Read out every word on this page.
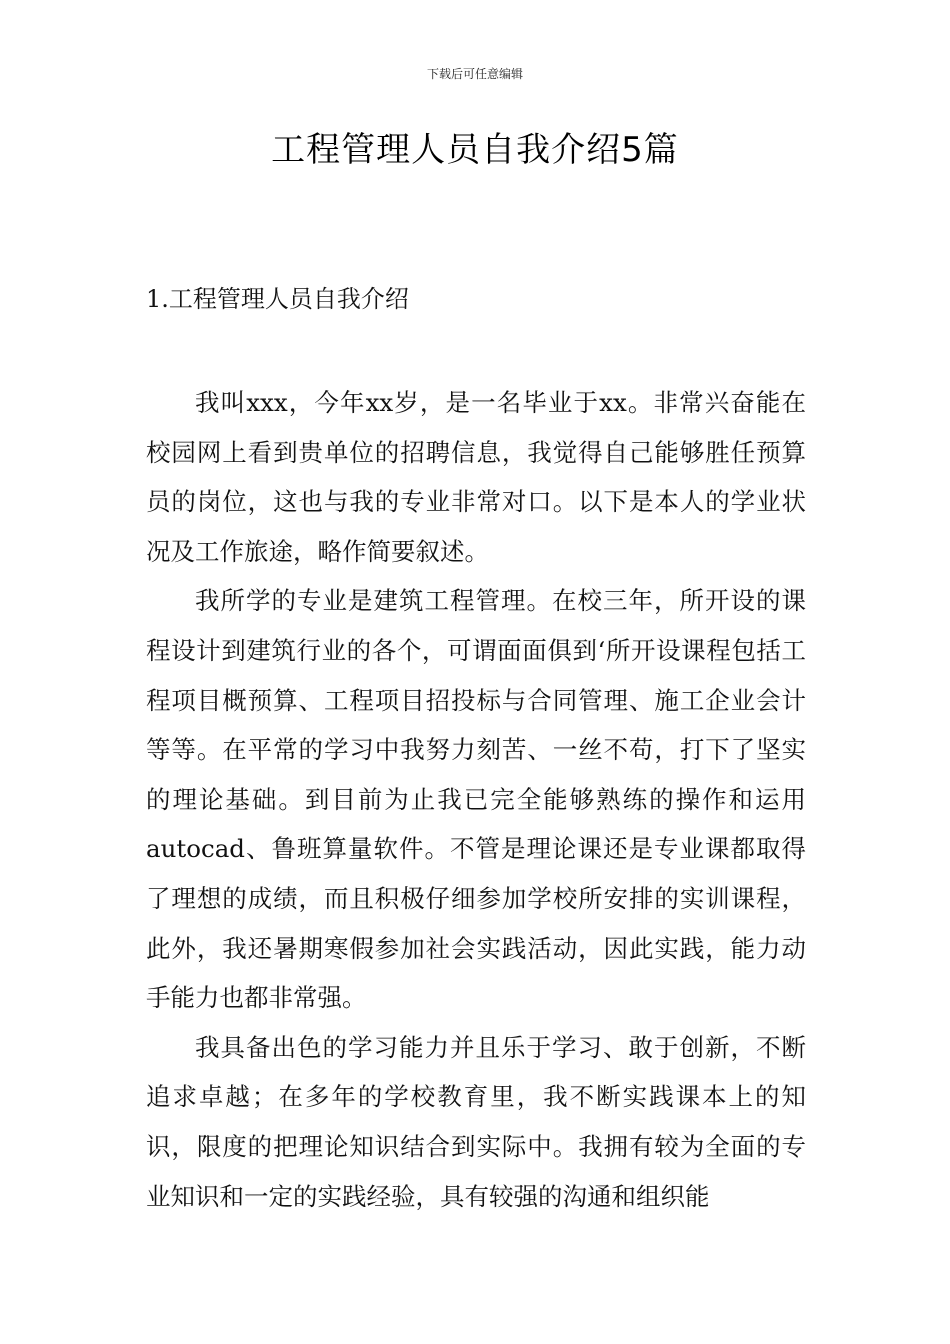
下载后可任意编辑
工程管理人员自我介绍5篇
1.工程管理人员自我介绍

我叫xxx，今年xx岁，是一名毕业于xx。非常兴奋能在校园网上看到贵单位的招聘信息，我觉得自己能够胜任预算员的岗位，这也与我的专业非常对口。以下是本人的学业状况及工作旅途，略作简要叙述。

我所学的专业是建筑工程管理。在校三年，所开设的课程设计到建筑行业的各个，可谓面面俱到‘所开设课程包括工程项目概预算、工程项目招投标与合同管理、施工企业会计等等。在平常的学习中我努力刻苦、一丝不苟，打下了坚实的理论基础。到目前为止我已完全能够熟练的操作和运用autocad、鲁班算量软件。不管是理论课还是专业课都取得了理想的成绩，而且积极仔细参加学校所安排的实训课程，此外，我还暑期寒假参加社会实践活动，因此实践，能力动手能力也都非常强。

我具备出色的学习能力并且乐于学习、敢于创新，不断追求卓越；在多年的学校教育里，我不断实践课本上的知识，限度的把理论知识结合到实际中。我拥有较为全面的专业知识和一定的实践经验，具有较强的沟通和组织能
